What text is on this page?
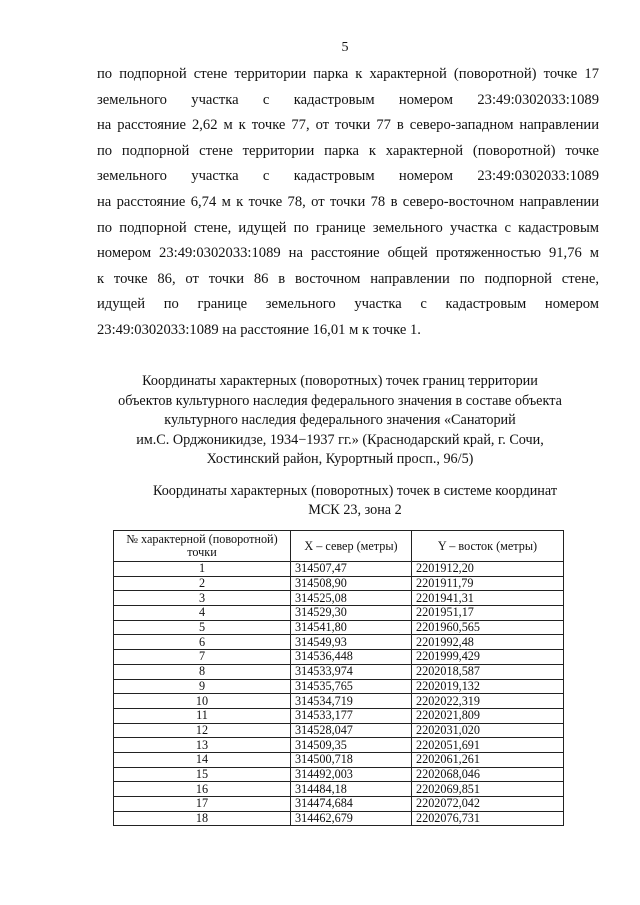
5
по подпорной стене территории парка к характерной (поворотной) точке 17
земельного участка с кадастровым номером 23:49:0302033:1089
на расстояние 2,62 м к точке 77, от точки 77 в северо-западном направлении
по подпорной стене территории парка к характерной (поворотной) точке
земельного участка с кадастровым номером 23:49:0302033:1089
на расстояние 6,74 м к точке 78, от точки 78 в северо-восточном направлении
по подпорной стене, идущей по границе земельного участка с кадастровым
номером 23:49:0302033:1089 на расстояние общей протяженностью 91,76 м
к точке 86, от точки 86 в восточном направлении по подпорной стене,
идущей по границе земельного участка с кадастровым номером
23:49:0302033:1089 на расстояние 16,01 м к точке 1.
Координаты характерных (поворотных) точек границ территории
объектов культурного наследия федерального значения в составе объекта
культурного наследия федерального значения «Санаторий
им.С. Орджоникидзе, 1934−1937 гг.» (Краснодарский край, г. Сочи,
Хостинский район, Курортный просп., 96/5)
Координаты характерных (поворотных) точек в системе координат
МСК 23, зона 2
№ характерной (поворотной) точки	X – север (метры)	Y – восток (метры)
1	314507,47	2201912,20
2	314508,90	2201911,79
3	314525,08	2201941,31
4	314529,30	2201951,17
5	314541,80	2201960,565
6	314549,93	2201992,48
7	314536,448	2201999,429
8	314533,974	2202018,587
9	314535,765	2202019,132
10	314534,719	2202022,319
11	314533,177	2202021,809
12	314528,047	2202031,020
13	314509,35	2202051,691
14	314500,718	2202061,261
15	314492,003	2202068,046
16	314484,18	2202069,851
17	314474,684	2202072,042
18	314462,679	2202076,731
